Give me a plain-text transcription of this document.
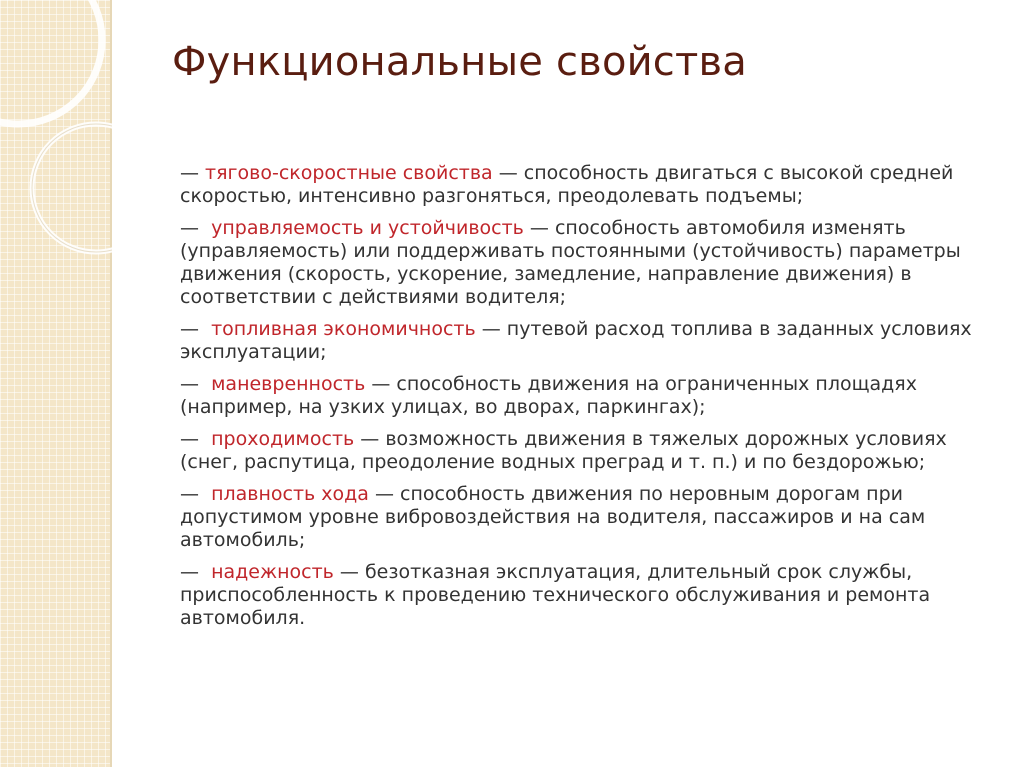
Функциональные свойства
— тягово-скоростные свойства — способность двигаться с высокой средней скоростью, интенсивно разгоняться, преодолевать подъемы;
— управляемость и устойчивость — способность автомобиля изменять (управляемость) или поддерживать постоянными (устойчивость) параметры движения (скорость, ускорение, замедление, направление движения) в соответствии с действиями водителя;
— топливная экономичность — путевой расход топлива в заданных условиях эксплуатации;
— маневренность — способность движения на ограниченных площадях (например, на узких улицах, во дворах, паркингах);
— проходимость — возможность движения в тяжелых дорожных условиях (снег, распутица, преодоление водных преград и т. п.) и по бездорожью;
— плавность хода — способность движения по неровным дорогам при допустимом уровне вибровоздействия на водителя, пассажиров и на сам автомобиль;
— надежность — безотказная эксплуатация, длительный срок службы, приспособленность к проведению технического обслуживания и ремонта автомобиля.
